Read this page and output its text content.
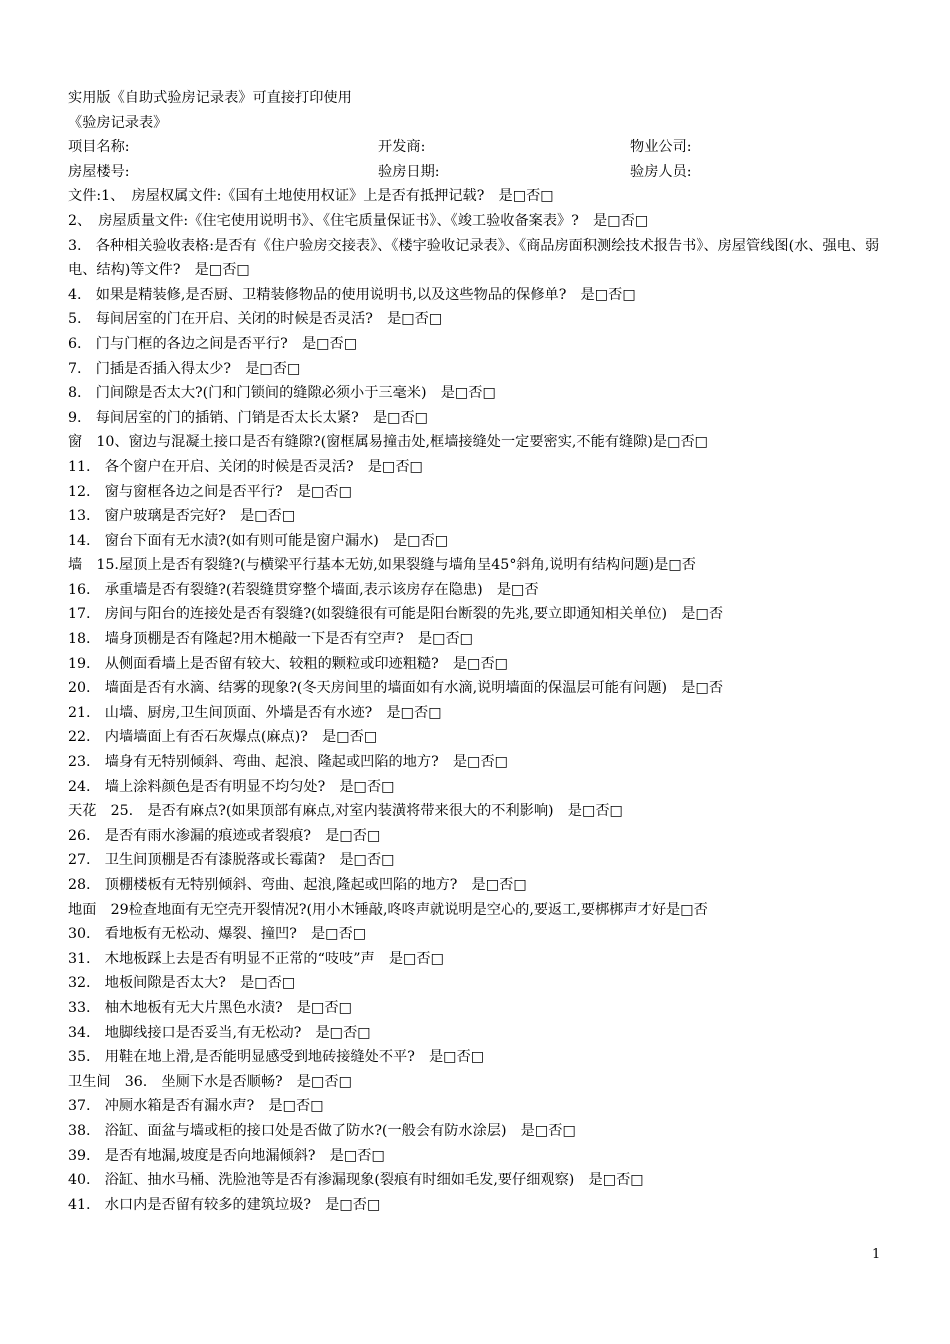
实用版《自助式验房记录表》可直接打印使用
《验房记录表》
项目名称:	开发商:	物业公司:
房屋楼号:	验房日期:	验房人员:
文件:1、　房屋权属文件:《国有土地使用权证》上是否有抵押记载?　是□否□
2、　房屋质量文件:《住宅使用说明书》、《住宅质量保证书》、《竣工验收备案表》?　是□否□
3.　各种相关验收表格:是否有《住户验房交接表》、《楼宇验收记录表》、《商品房面积测绘技术报告书》、房屋管线图(水、强电、弱电、结构)等文件?　是□否□
4.　如果是精装修,是否厨、卫精装修物品的使用说明书,以及这些物品的保修单?　是□否□
5.　每间居室的门在开启、关闭的时候是否灵活?　是□否□
6.　门与门框的各边之间是否平行?　是□否□
7.　门插是否插入得太少?　是□否□
8.　门间隙是否太大?(门和门锁间的缝隙必须小于三毫米)　是□否□
9.　每间居室的门的插销、门销是否太长太紧?　是□否□
窗　10、窗边与混凝土接口是否有缝隙?(窗框属易撞击处,框墙接缝处一定要密实,不能有缝隙)是□否□
11.　各个窗户在开启、关闭的时候是否灵活?　是□否□
12.　窗与窗框各边之间是否平行?　是□否□
13.　窗户玻璃是否完好?　是□否□
14.　窗台下面有无水渍?(如有则可能是窗户漏水)　是□否□
墙　15.屋顶上是否有裂缝?(与横梁平行基本无妨,如果裂缝与墙角呈45°斜角,说明有结构问题)是□否
16.　承重墙是否有裂缝?(若裂缝贯穿整个墙面,表示该房存在隐患)　是□否
17.　房间与阳台的连接处是否有裂缝?(如裂缝很有可能是阳台断裂的先兆,要立即通知相关单位)　是□否
18.　墙身顶棚是否有隆起?用木槌敲一下是否有空声?　是□否□
19.　从侧面看墙上是否留有较大、较粗的颗粒或印迹粗糙?　是□否□
20.　墙面是否有水滴、结雾的现象?(冬天房间里的墙面如有水滴,说明墙面的保温层可能有问题)　是□否
21.　山墙、厨房,卫生间顶面、外墙是否有水迹?　是□否□
22.　内墙墙面上有否石灰爆点(麻点)?　是□否□
23.　墙身有无特别倾斜、弯曲、起浪、隆起或凹陷的地方?　是□否□
24.　墙上涂料颜色是否有明显不均匀处?　是□否□
天花　25.　是否有麻点?(如果顶部有麻点,对室内装潢将带来很大的不利影响)　是□否□
26.　是否有雨水渗漏的痕迹或者裂痕?　是□否□
27.　卫生间顶棚是否有漆脱落或长霉菌?　是□否□
28.　顶棚楼板有无特别倾斜、弯曲、起浪,隆起或凹陷的地方?　是□否□
地面　29检查地面有无空壳开裂情况?(用小木锤敲,咚咚声就说明是空心的,要返工,要梆梆声才好是□否
30.　看地板有无松动、爆裂、撞凹?　是□否□
31.　木地板踩上去是否有明显不正常的“吱吱”声　是□否□
32.　地板间隙是否太大?　是□否□
33.　柚木地板有无大片黑色水渍?　是□否□
34.　地脚线接口是否妥当,有无松动?　是□否□
35.　用鞋在地上滑,是否能明显感受到地砖接缝处不平?　是□否□
卫生间　36.　坐厕下水是否顺畅?　是□否□
37.　冲厕水箱是否有漏水声?　是□否□
38.　浴缸、面盆与墙或柜的接口处是否做了防水?(一般会有防水涂层)　是□否□
39.　是否有地漏,坡度是否向地漏倾斜?　是□否□
40.　浴缸、抽水马桶、洗脸池等是否有渗漏现象(裂痕有时细如毛发,要仔细观察)　是□否□
41.　水口内是否留有较多的建筑垃圾?　是□否□
1
